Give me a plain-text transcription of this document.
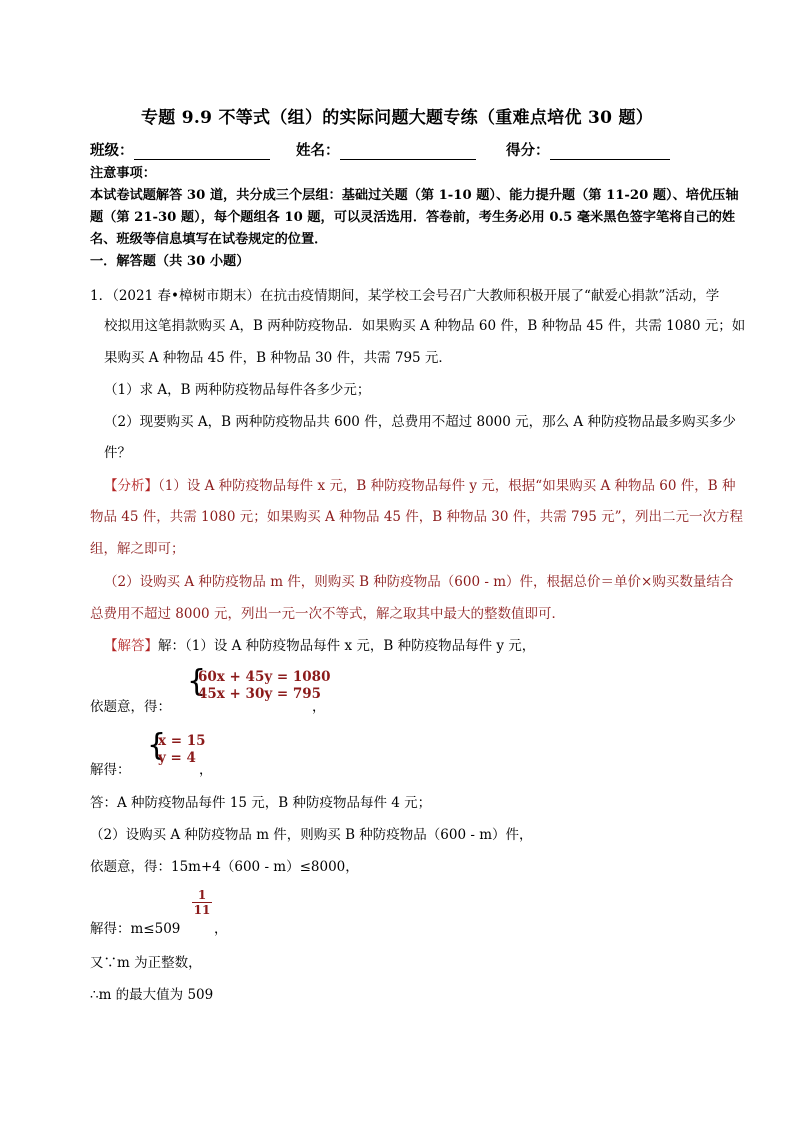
专题 9.9 不等式（组）的实际问题大题专练（重难点培优 30 题）
班级：	姓名：	得分：
注意事项：
本试卷试题解答 30 道，共分成三个层组：基础过关题（第 1-10 题）、能力提升题（第 11-20 题）、培优压轴
题（第 21-30 题），每个题组各 10 题，可以灵活选用．答卷前，考生务必用 0.5 毫米黑色签字笔将自己的姓
名、班级等信息填写在试卷规定的位置．
一．解答题（共 30 小题）
1．（2021 春•樟树市期末）在抗击疫情期间，某学校工会号召广大教师积极开展了“献爱心捐款”活动，学
校拟用这笔捐款购买 A，B 两种防疫物品．如果购买 A 种物品 60 件，B 种物品 45 件，共需 1080 元；如
果购买 A 种物品 45 件，B 种物品 30 件，共需 795 元．
（1）求 A，B 两种防疫物品每件各多少元；
（2）现要购买 A，B 两种防疫物品共 600 件，总费用不超过 8000 元，那么 A 种防疫物品最多购买多少
件？
【分析】（1）设 A 种防疫物品每件 x 元，B 种防疫物品每件 y 元，根据“如果购买 A 种物品 60 件，B 种
物品 45 件，共需 1080 元；如果购买 A 种物品 45 件，B 种物品 30 件，共需 795 元”，列出二元一次方程
组，解之即可；
（2）设购买 A 种防疫物品 m 件，则购买 B 种防疫物品（600 - m）件，根据总价＝单价×购买数量结合
总费用不超过 8000 元，列出一元一次不等式，解之取其中最大的整数值即可．
【解答】解：（1）设 A 种防疫物品每件 x 元，B 种防疫物品每件 y 元，
{
60x + 45y = 1080
45x + 30y = 795
依题意，得：	，
{
x = 15
y = 4
解得：	，
答：A 种防疫物品每件 15 元，B 种防疫物品每件 4 元；
（2）设购买 A 种防疫物品 m 件，则购买 B 种防疫物品（600 - m）件，
依题意，得：15m+4（600 - m）≤8000，
解得：m≤509
$\frac{1}{11}$
，
又∵m 为正整数，
∴m 的最大值为 509
